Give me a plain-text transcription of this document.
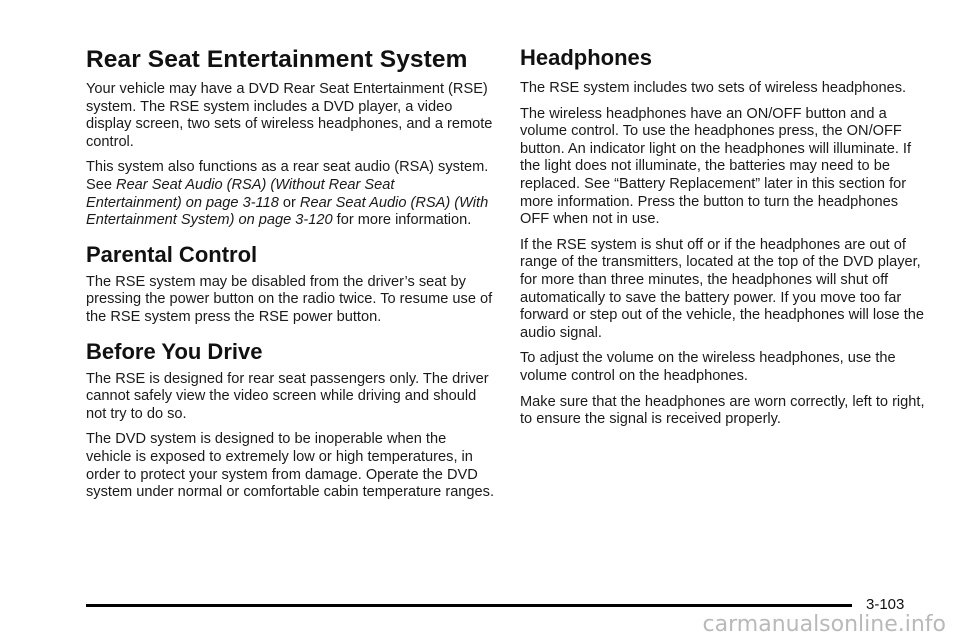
Rear Seat Entertainment System

Your vehicle may have a DVD Rear Seat Entertainment (RSE) system. The RSE system includes a DVD player, a video display screen, two sets of wireless headphones, and a remote control.

This system also functions as a rear seat audio (RSA) system. See Rear Seat Audio (RSA) (Without Rear Seat Entertainment) on page 3-118 or Rear Seat Audio (RSA) (With Entertainment System) on page 3-120 for more information.

Parental Control

The RSE system may be disabled from the driver’s seat by pressing the power button on the radio twice. To resume use of the RSE system press the RSE power button.

Before You Drive

The RSE is designed for rear seat passengers only. The driver cannot safely view the video screen while driving and should not try to do so.

The DVD system is designed to be inoperable when the vehicle is exposed to extremely low or high temperatures, in order to protect your system from damage. Operate the DVD system under normal or comfortable cabin temperature ranges.

Headphones

The RSE system includes two sets of wireless headphones.

The wireless headphones have an ON/OFF button and a volume control. To use the headphones press, the ON/OFF button. An indicator light on the headphones will illuminate. If the light does not illuminate, the batteries may need to be replaced. See “Battery Replacement” later in this section for more information. Press the button to turn the headphones OFF when not in use.

If the RSE system is shut off or if the headphones are out of range of the transmitters, located at the top of the DVD player, for more than three minutes, the headphones will shut off automatically to save the battery power. If you move too far forward or step out of the vehicle, the headphones will lose the audio signal.

To adjust the volume on the wireless headphones, use the volume control on the headphones.

Make sure that the headphones are worn correctly, left to right, to ensure the signal is received properly.

3-103
carmanualsonline.info
